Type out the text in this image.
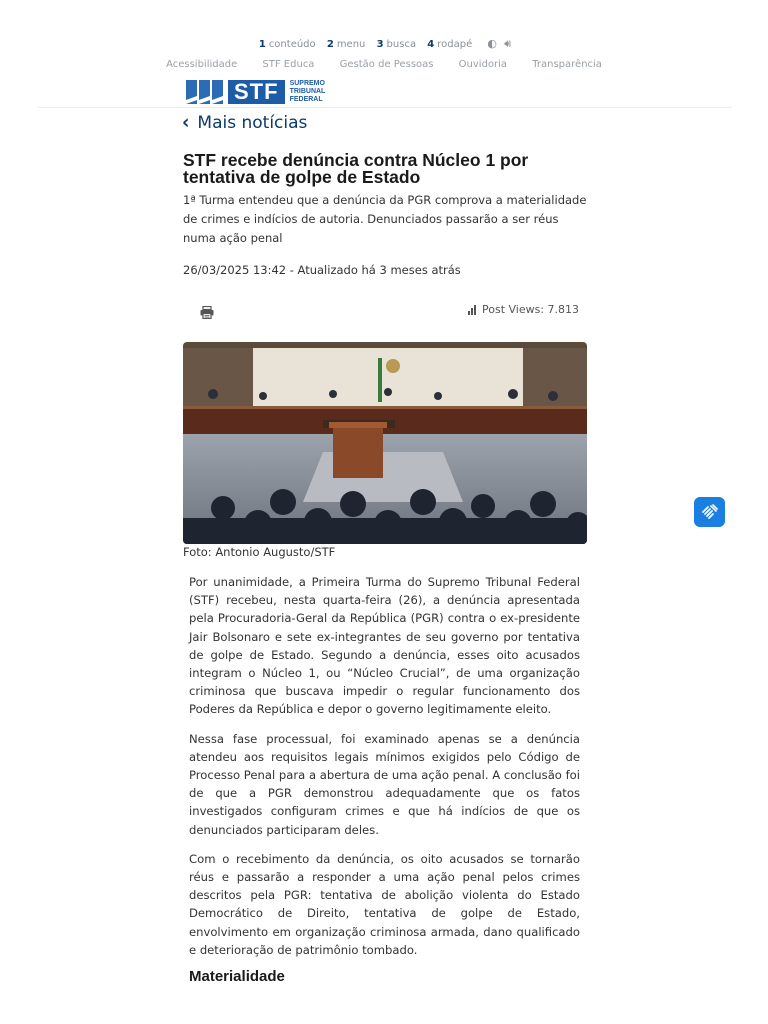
1 conteúdo 2 menu 3 busca 4 rodapé ◐ 🔊︎
Acessibilidade	STF Educa	Gestão de Pessoas	Ouvidoria	Transparência
STF	SUPREMO
TRIBUNAL
FEDERAL
‹ Mais notícias
STF recebe denúncia contra Núcleo 1 por tentativa de golpe de Estado
1ª Turma entendeu que a denúncia da PGR comprova a materialidade de crimes e indícios de autoria. Denunciados passarão a ser réus numa ação penal
26/03/2025 13:42 - Atualizado há 3 meses atrás
Post Views: 7.813
Foto: Antonio Augusto/STF

Por unanimidade, a Primeira Turma do Supremo Tribunal Federal (STF) recebeu, nesta quarta-feira (26), a denúncia apresentada pela Procuradoria-Geral da República (PGR) contra o ex-presidente Jair Bolsonaro e sete ex-integrantes de seu governo por tentativa de golpe de Estado. Segundo a denúncia, esses oito acusados integram o Núcleo 1, ou “Núcleo Crucial”, de uma organização criminosa que buscava impedir o regular funcionamento dos Poderes da República e depor o governo legitimamente eleito.

Nessa fase processual, foi examinado apenas se a denúncia atendeu aos requisitos legais mínimos exigidos pelo Código de Processo Penal para a abertura de uma ação penal. A conclusão foi de que a PGR demonstrou adequadamente que os fatos investigados configuram crimes e que há indícios de que os denunciados participaram deles.

Com o recebimento da denúncia, os oito acusados se tornarão réus e passarão a responder a uma ação penal pelos crimes descritos pela PGR: tentativa de abolição violenta do Estado Democrático de Direito, tentativa de golpe de Estado, envolvimento em organização criminosa armada, dano qualificado e deterioração de patrimônio tombado.

Materialidade
